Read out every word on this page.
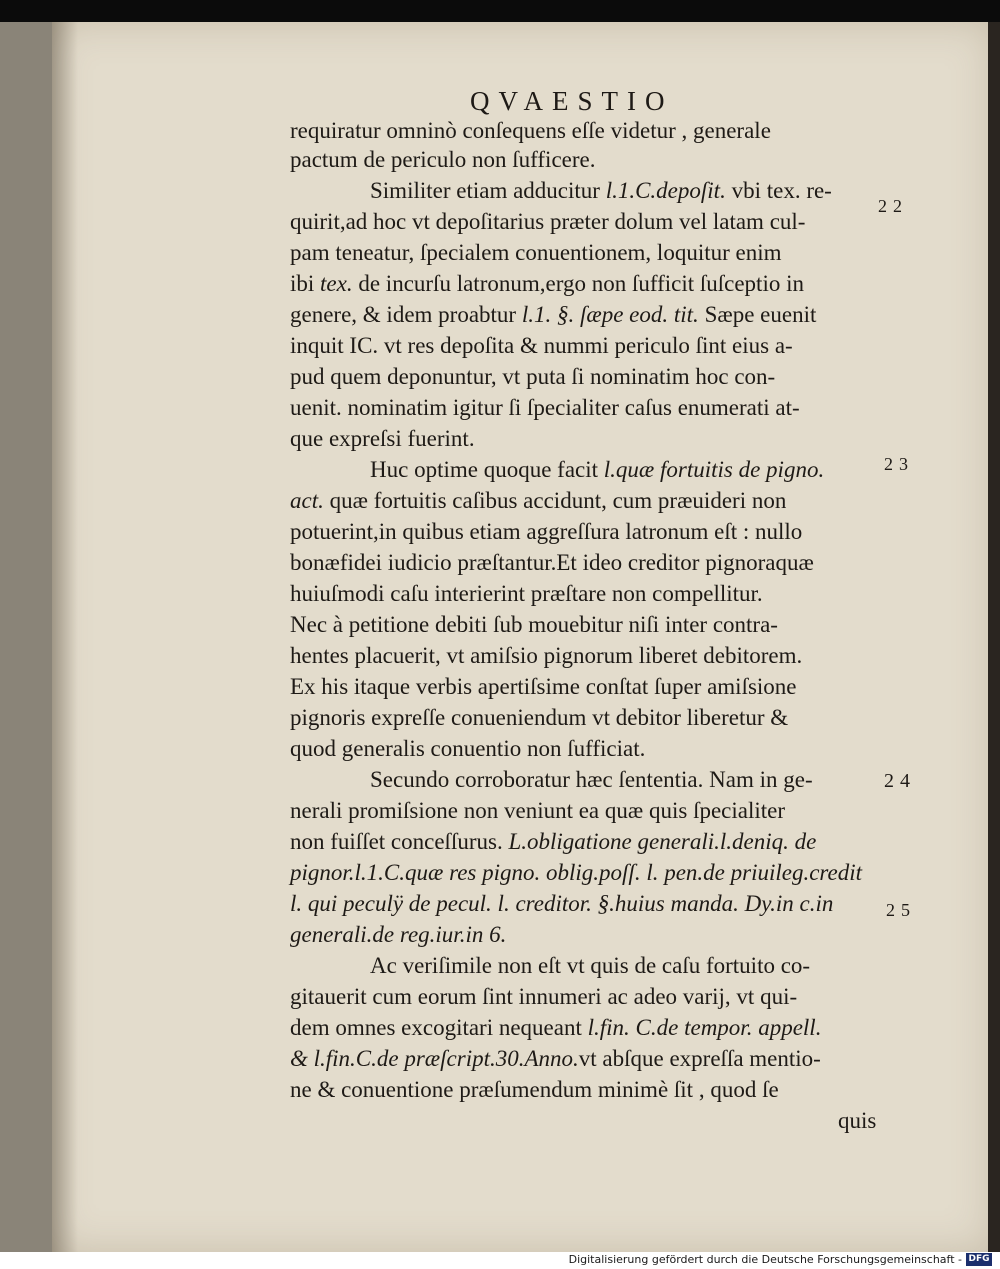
QVAESTIO
requiratur omninò conſequens eſſe videtur , generale
pactum de periculo non ſufficere.
Similiter etiam adducitur l.1.C.depoſit. vbi tex. re-
quirit,ad hoc vt depoſitarius præter dolum vel latam cul-
pam teneatur, ſpecialem conuentionem, loquitur enim
ibi tex. de incurſu latronum,ergo non ſufficit ſuſceptio in
genere, & idem proabtur l.1. §. ſæpe eod. tit. Sæpe euenit
inquit IC. vt res depoſita & nummi periculo ſint eius a-
pud quem deponuntur, vt puta ſi nominatim hoc con-
uenit. nominatim igitur ſi ſpecialiter caſus enumerati at-
que expreſsi fuerint.
Huc optime quoque facit l.quæ fortuitis de pigno.
act. quæ fortuitis caſibus accidunt, cum præuideri non
potuerint,in quibus etiam aggreſſura latronum eſt : nullo
bonæfidei iudicio præſtantur.Et ideo creditor pignoraquæ
huiuſmodi caſu interierint præſtare non compellitur.
Nec à petitione debiti ſub mouebitur niſi inter contra-
hentes placuerit, vt amiſsio pignorum liberet debitorem.
Ex his itaque verbis apertiſsime conſtat ſuper amiſsione
pignoris expreſſe conueniendum vt debitor liberetur &
quod generalis conuentio non ſufficiat.
Secundo corroboratur hæc ſententia. Nam in ge-
nerali promiſsione non veniunt ea quæ quis ſpecialiter
non fuiſſet conceſſurus. L.obligatione generali.l.deniq. de
pignor.l.1.C.quæ res pigno. oblig.poſſ. l. pen.de priuileg.credit
l. qui peculÿ de pecul. l. creditor. §.huius manda. Dy.in c.in
generali.de reg.iur.in 6.
Ac veriſimile non eſt vt quis de caſu fortuito co-
gitauerit cum eorum ſint innumeri ac adeo varij, vt qui-
dem omnes excogitari nequeant l.fin. C.de tempor. appell.
& l.fin.C.de præſcript.30.Anno.vt abſque expreſſa mentio-
ne & conuentione præſumendum minimè ſit , quod ſe
quis
22
23
24
25
Digitalisierung gefördert durch die Deutsche Forschungsgemeinschaft - DFG
